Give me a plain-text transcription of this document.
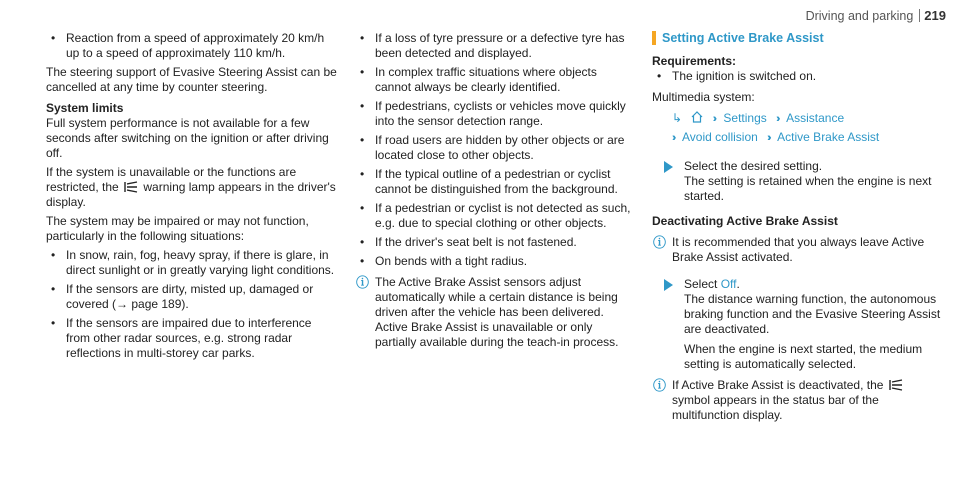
Driving and parking 219
• Reaction from a speed of approximately 20 km/h up to a speed of approximately 110 km/h.
The steering support of Evasive Steering Assist can be cancelled at any time by counter steering.
System limits
Full system performance is not available for a few seconds after switching on the ignition or after driving off.
If the system is unavailable or the functions are restricted, the warning lamp appears in the driver's display.
The system may be impaired or may not function, particularly in the following situations:
• In snow, rain, fog, heavy spray, if there is glare, in direct sunlight or in greatly varying light conditions.
• If the sensors are dirty, misted up, damaged or covered (→ page 189).
• If the sensors are impaired due to interference from other radar sources, e.g. strong radar reflections in multi-storey car parks.
• If a loss of tyre pressure or a defective tyre has been detected and displayed.
• In complex traffic situations where objects cannot always be clearly identified.
• If pedestrians, cyclists or vehicles move quickly into the sensor detection range.
• If road users are hidden by other objects or are located close to other objects.
• If the typical outline of a pedestrian or cyclist cannot be distinguished from the background.
• If a pedestrian or cyclist is not detected as such, e.g. due to special clothing or other objects.
• If the driver's seat belt is not fastened.
• On bends with a tight radius.
ⓘ The Active Brake Assist sensors adjust automatically while a certain distance is being driven after the vehicle has been delivered. Active Brake Assist is unavailable or only partially available during the teach-in process.
Setting Active Brake Assist
Requirements:
• The ignition is switched on.
Multimedia system:
↳	›› Settings ›› Assistance
›› Avoid collision ›› Active Brake Assist
Select the desired setting.
The setting is retained when the engine is next started.
Deactivating Active Brake Assist
ⓘ It is recommended that you always leave Active Brake Assist activated.
Select Off.
The distance warning function, the autonomous braking function and the Evasive Steering Assist are deactivated.
When the engine is next started, the medium setting is automatically selected.
ⓘ If Active Brake Assist is deactivated, the  symbol appears in the status bar of the multifunction display.
